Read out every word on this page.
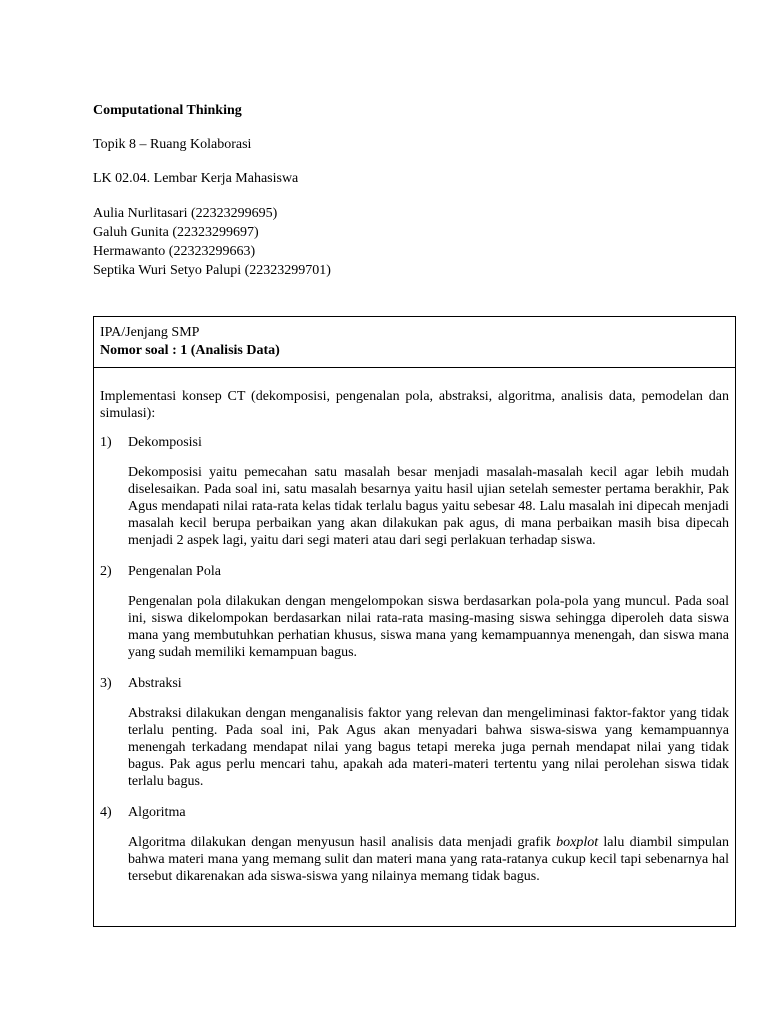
Computational Thinking
Topik 8 – Ruang Kolaborasi
LK 02.04. Lembar Kerja Mahasiswa
Aulia Nurlitasari (22323299695)
Galuh Gunita (22323299697)
Hermawanto (22323299663)
Septika Wuri Setyo Palupi (22323299701)
IPA/Jenjang SMP
Nomor soal : 1 (Analisis Data)

Implementasi konsep CT (dekomposisi, pengenalan pola, abstraksi, algoritma, analisis data, pemodelan dan simulasi):

1)	Dekomposisi
Dekomposisi yaitu pemecahan satu masalah besar menjadi masalah-masalah kecil agar lebih mudah diselesaikan. Pada soal ini, satu masalah besarnya yaitu hasil ujian setelah semester pertama berakhir, Pak Agus mendapati nilai rata-rata kelas tidak terlalu bagus yaitu sebesar 48. Lalu masalah ini dipecah menjadi masalah kecil berupa perbaikan yang akan dilakukan pak agus, di mana perbaikan masih bisa dipecah menjadi 2 aspek lagi, yaitu dari segi materi atau dari segi perlakuan terhadap siswa.
2)	Pengenalan Pola
Pengenalan pola dilakukan dengan mengelompokan siswa berdasarkan pola-pola yang muncul. Pada soal ini, siswa dikelompokan berdasarkan nilai rata-rata masing-masing siswa sehingga diperoleh data siswa mana yang membutuhkan perhatian khusus, siswa mana yang kemampuannya menengah, dan siswa mana yang sudah memiliki kemampuan bagus.
3)	Abstraksi
Abstraksi dilakukan dengan menganalisis faktor yang relevan dan mengeliminasi faktor-faktor yang tidak terlalu penting. Pada soal ini, Pak Agus akan menyadari bahwa siswa-siswa yang kemampuannya menengah terkadang mendapat nilai yang bagus tetapi mereka juga pernah mendapat nilai yang tidak bagus. Pak agus perlu mencari tahu, apakah ada materi-materi tertentu yang nilai perolehan siswa tidak terlalu bagus.
4)	Algoritma
Algoritma dilakukan dengan menyusun hasil analisis data menjadi grafik boxplot lalu diambil simpulan bahwa materi mana yang memang sulit dan materi mana yang rata-ratanya cukup kecil tapi sebenarnya hal tersebut dikarenakan ada siswa-siswa yang nilainya memang tidak bagus.
